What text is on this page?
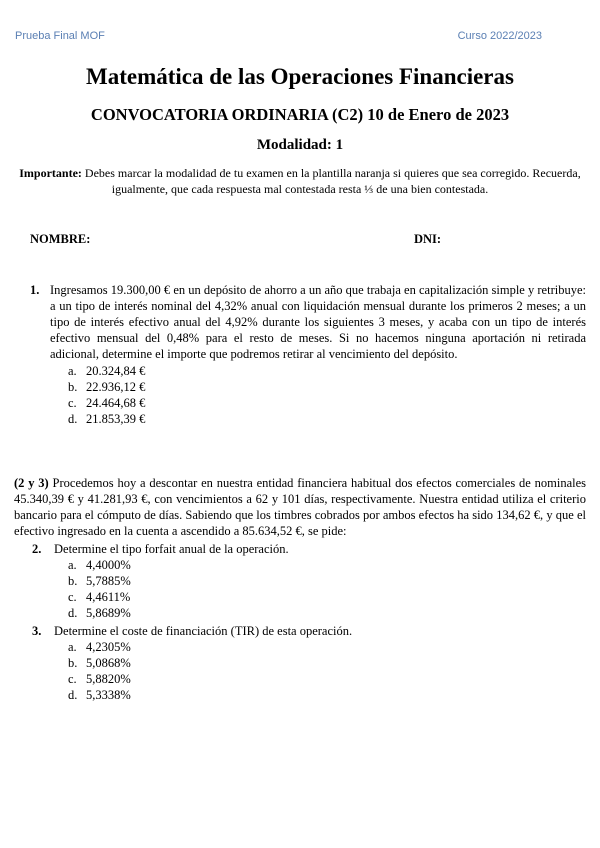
Prueba Final MOF	Curso 2022/2023
Matemática de las Operaciones Financieras
CONVOCATORIA ORDINARIA (C2) 10 de Enero de 2023
Modalidad: 1
Importante: Debes marcar la modalidad de tu examen en la plantilla naranja si quieres que sea corregido. Recuerda, igualmente, que cada respuesta mal contestada resta ⅓ de una bien contestada.
NOMBRE:	DNI:
1. Ingresamos 19.300,00 € en un depósito de ahorro a un año que trabaja en capitalización simple y retribuye: a un tipo de interés nominal del 4,32% anual con liquidación mensual durante los primeros 2 meses; a un tipo de interés efectivo anual del 4,92% durante los siguientes 3 meses, y acaba con un tipo de interés efectivo mensual del 0,48% para el resto de meses. Si no hacemos ninguna aportación ni retirada adicional, determine el importe que podremos retirar al vencimiento del depósito.
a. 20.324,84 €
b. 22.936,12 €
c. 24.464,68 €
d. 21.853,39 €
(2 y 3) Procedemos hoy a descontar en nuestra entidad financiera habitual dos efectos comerciales de nominales 45.340,39 € y 41.281,93 €, con vencimientos a 62 y 101 días, respectivamente. Nuestra entidad utiliza el criterio bancario para el cómputo de días. Sabiendo que los timbres cobrados por ambos efectos ha sido 134,62 €, y que el efectivo ingresado en la cuenta a ascendido a 85.634,52 €, se pide:
2. Determine el tipo forfait anual de la operación.
a. 4,4000%
b. 5,7885%
c. 4,4611%
d. 5,8689%
3. Determine el coste de financiación (TIR) de esta operación.
a. 4,2305%
b. 5,0868%
c. 5,8820%
d. 5,3338%
